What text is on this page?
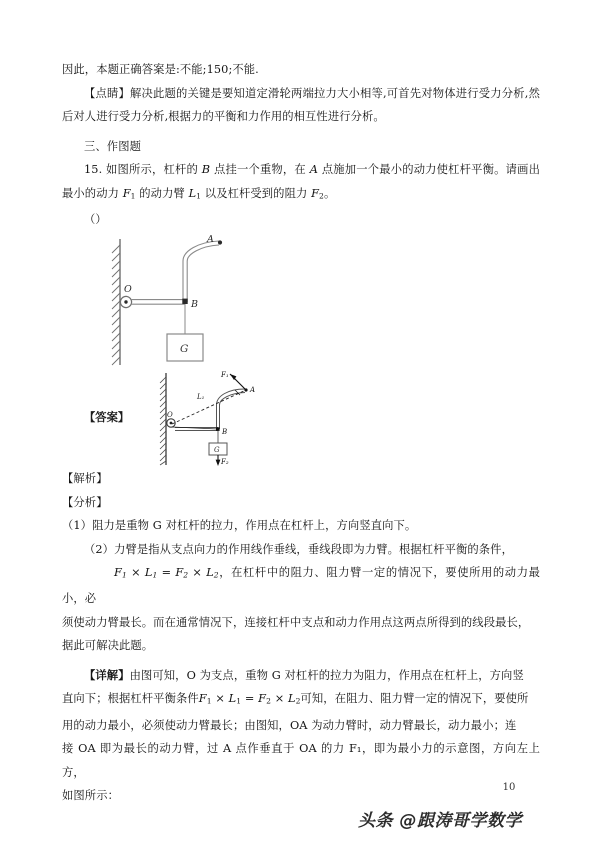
因此，本题正确答案是:不能;150;不能.

【点睛】解决此题的关键是要知道定滑轮两端拉力大小相等,可首先对物体进行受力分析,然后对人进行受力分析,根据力的平衡和力作用的相互性进行分析。

三、作图题

15. 如图所示，杠杆的 B 点挂一个重物，在 A 点施加一个最小的动力使杠杆平衡。请画出最小的动力 $F_1$ 的动力臂 $L_1$ 以及杠杆受到的阻力 $F_2$。

（）

A
B
O
G
【答案】	O
L₁
A
F₁
B
G
F₂

【解析】

【分析】

（1）阻力是重物 G 对杠杆的拉力，作用点在杠杆上，方向竖直向下。

（2）力臂是指从支点向力的作用线作垂线，垂线段即为力臂。根据杠杆平衡的条件，

$F_1 \times L_1 = F_2 \times L_2$，在杠杆中的阻力、阻力臂一定的情况下，要使所用的动力最小，必

须使动力臂最长。而在通常情况下，连接杠杆中支点和动力作用点这两点所得到的线段最长，

据此可解决此题。

【详解】由图可知，O 为支点，重物 G 对杠杆的拉力为阻力，作用点在杠杆上，方向竖

直向下；根据杠杆平衡条件$F_1 \times L_1 = F_2 \times L_2$可知，在阻力、阻力臂一定的情况下，要使所

用的动力最小，必须使动力臂最长；由图知，OA 为动力臂时，动力臂最长，动力最小；连

接 OA 即为最长的动力臂，过 A 点作垂直于 OA 的力 F₁，即为最小力的示意图，方向左上方，

如图所示：

10
头条 @跟涛哥学数学
